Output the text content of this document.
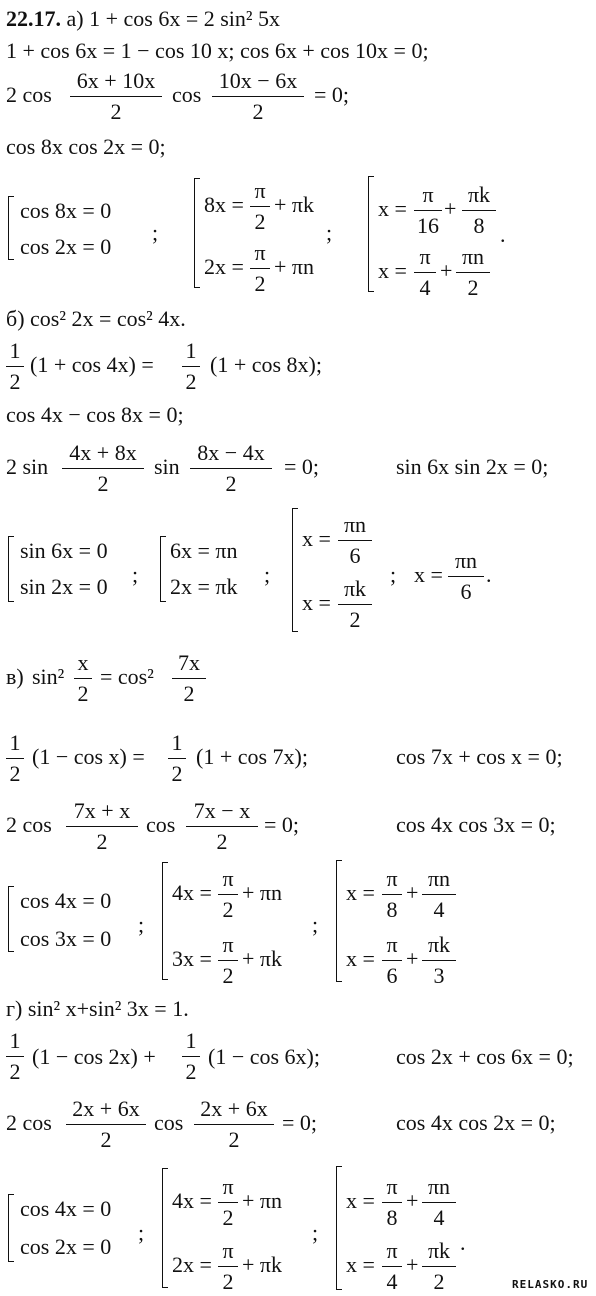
22.17. а) 1 + cos 6x = 2 sin² 5x
1 + cos 6x = 1 − cos 10 x; cos 6x + cos 10x = 0;
2 $\cos \frac{6x + 10x}{2}$ $\cos \frac{10x - 6x}{2} = 0$;
cos 8x cos 2x = 0;
cos 8x = 0
cos 2x = 0
;
$8x = \frac{\pi}{2} + \pi k$
$2x = \frac{\pi}{2} + \pi n$
;
$x = \frac{\pi}{16} + \frac{\pi k}{8}$
$x = \frac{\pi}{4} + \frac{\pi n}{2}$
.
б) cos² 2x = cos² 4x.
$\frac{1}{2} (1 + \cos 4x) = \frac{1}{2} (1 + \cos 8x)$;
cos 4x − cos 8x = 0;
2 $\sin \frac{4x + 8x}{2}$ $\sin \frac{8x - 4x}{2} = 0$;	sin 6x sin 2x = 0;
sin 6x = 0
sin 2x = 0 ;
6x = πn
2x = πk ;
$x = \frac{\pi n}{6}$
$x = \frac{\pi k}{2}$
; $x = \frac{\pi n}{6}$ .
в) $\sin^2 \frac{x}{2} = \cos^2 \frac{7x}{2}$
$\frac{1}{2} (1 - \cos x) = \frac{1}{2} (1 + \cos 7x)$;	cos 7x + cos x = 0;
2 $\cos \frac{7x + x}{2}$ $\cos \frac{7x - x}{2} = 0$;	cos 4x cos 3x = 0;
cos 4x = 0
cos 3x = 0
;
$4x = \frac{\pi}{2} + \pi n$
$3x = \frac{\pi}{2} + \pi k$
;
$x = \frac{\pi}{8} + \frac{\pi n}{4}$
$x = \frac{\pi}{6} + \frac{\pi k}{3}$
г) sin² x+sin² 3x = 1.
$\frac{1}{2} (1 - \cos 2x) + \frac{1}{2} (1 - \cos 6x)$;	cos 2x + cos 6x = 0;
2 $\cos \frac{2x + 6x}{2}$ $\cos \frac{2x + 6x}{2} = 0$;	cos 4x cos 2x = 0;
cos 4x = 0
cos 2x = 0
;
$4x = \frac{\pi}{2} + \pi n$
$2x = \frac{\pi}{2} + \pi k$
;
$x = \frac{\pi}{8} + \frac{\pi n}{4}$
$x = \frac{\pi}{4} + \frac{\pi k}{2}$ .
RELASKO.RU
